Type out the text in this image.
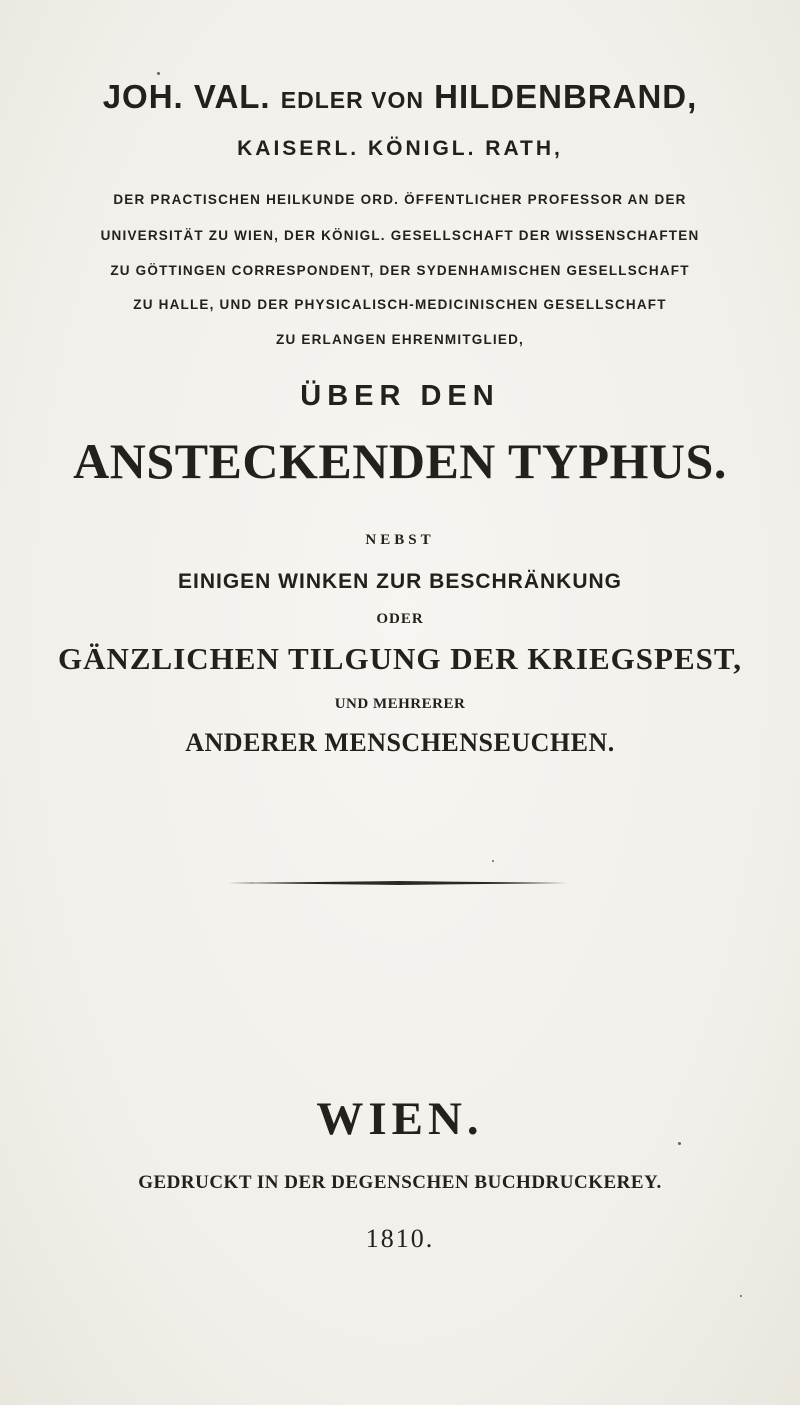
JOH. VAL. EDLER VON HILDENBRAND,

KAISERL. KÖNIGL. RATH,

DER PRACTISCHEN HEILKUNDE ORD. ÖFFENTLICHER PROFESSOR AN DER

UNIVERSITÄT ZU WIEN, DER KÖNIGL. GESELLSCHAFT DER WISSENSCHAFTEN

ZU GÖTTINGEN CORRESPONDENT, DER SYDENHAMISCHEN GESELLSCHAFT

ZU HALLE, UND DER PHYSICALISCH-MEDICINISCHEN GESELLSCHAFT

ZU ERLANGEN EHRENMITGLIED,

ÜBER DEN

ANSTECKENDEN TYPHUS.

NEBST

EINIGEN WINKEN ZUR BESCHRÄNKUNG

ODER

GÄNZLICHEN TILGUNG DER KRIEGSPEST,

UND MEHRERER

ANDERER MENSCHENSEUCHEN.

WIEN.

GEDRUCKT IN DER DEGENSCHEN BUCHDRUCKEREY.

1810.
